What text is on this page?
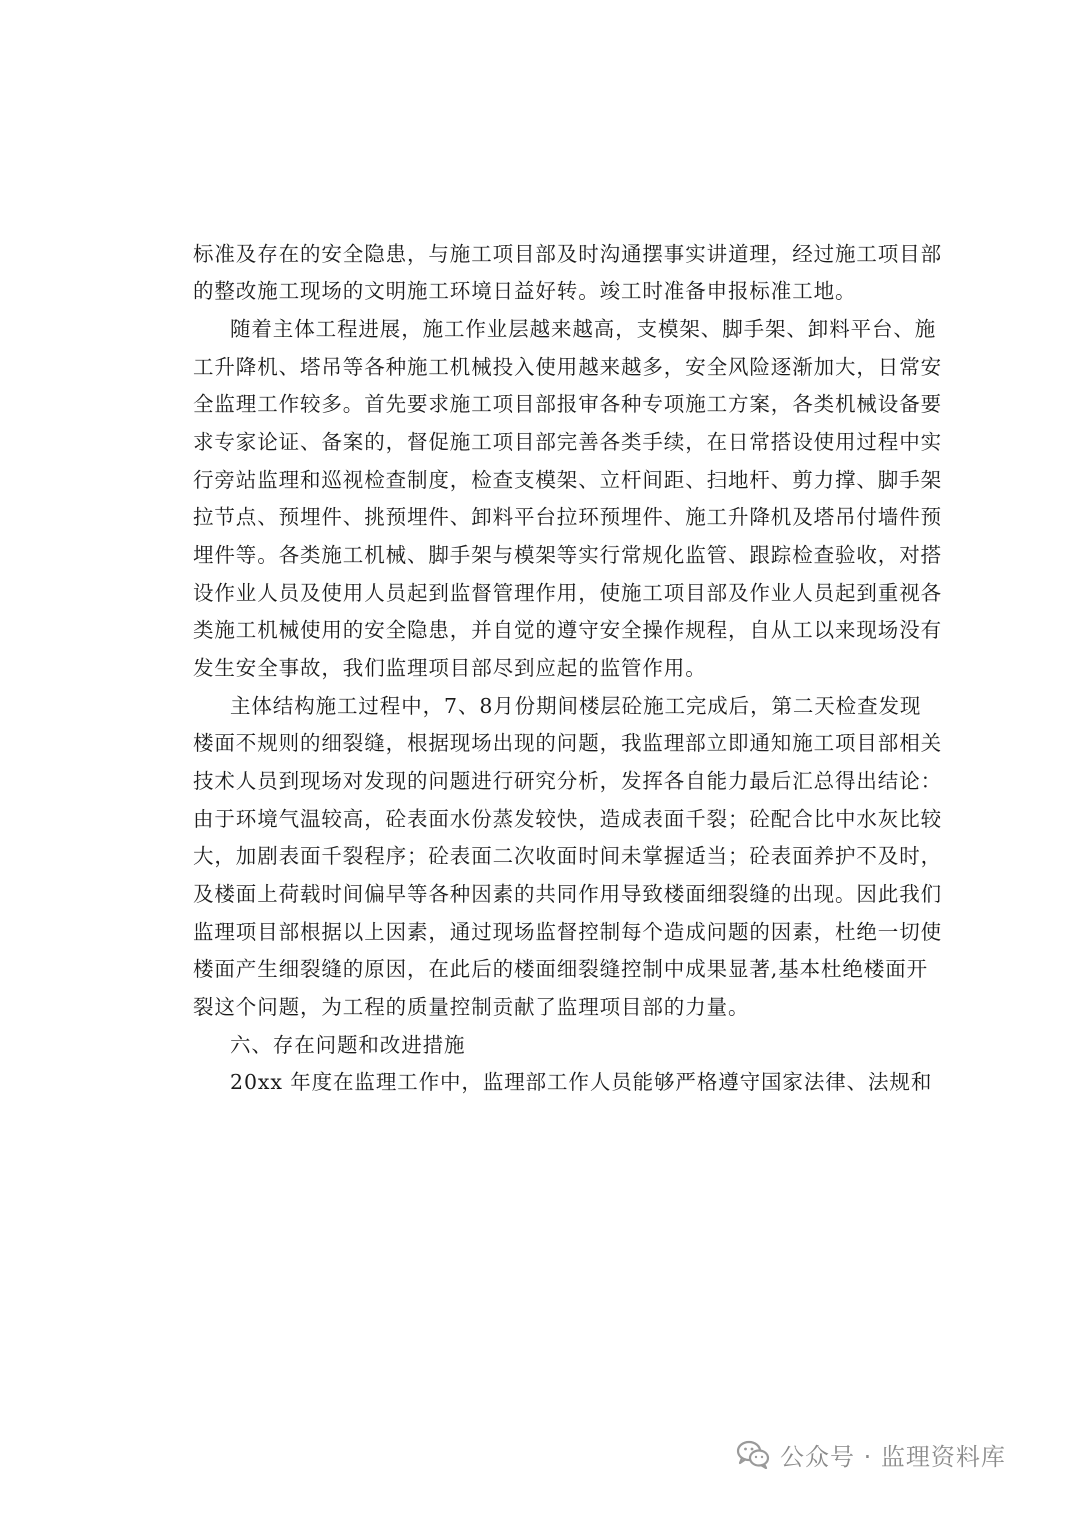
标准及存在的安全隐患，与施工项目部及时沟通摆事实讲道理，经过施工项目部
的整改施工现场的文明施工环境日益好转。竣工时准备申报标准工地。
随着主体工程进展，施工作业层越来越高，支模架、脚手架、卸料平台、施
工升降机、塔吊等各种施工机械投入使用越来越多，安全风险逐渐加大，日常安
全监理工作较多。首先要求施工项目部报审各种专项施工方案，各类机械设备要
求专家论证、备案的，督促施工项目部完善各类手续，在日常搭设使用过程中实
行旁站监理和巡视检查制度，检查支模架、立杆间距、扫地杆、剪力撑、脚手架
拉节点、预埋件、挑预埋件、卸料平台拉环预埋件、施工升降机及塔吊付墙件预
埋件等。各类施工机械、脚手架与模架等实行常规化监管、跟踪检查验收，对搭
设作业人员及使用人员起到监督管理作用，使施工项目部及作业人员起到重视各
类施工机械使用的安全隐患，并自觉的遵守安全操作规程，自从工以来现场没有
发生安全事故，我们监理项目部尽到应起的监管作用。
主体结构施工过程中，7、8月份期间楼层砼施工完成后，第二天检查发现
楼面不规则的细裂缝，根据现场出现的问题，我监理部立即通知施工项目部相关
技术人员到现场对发现的问题进行研究分析，发挥各自能力最后汇总得出结论：
由于环境气温较高，砼表面水份蒸发较快，造成表面千裂；砼配合比中水灰比较
大，加剧表面千裂程序；砼表面二次收面时间未掌握适当；砼表面养护不及时，
及楼面上荷载时间偏早等各种因素的共同作用导致楼面细裂缝的出现。因此我们
监理项目部根据以上因素，通过现场监督控制每个造成问题的因素，杜绝一切使
楼面产生细裂缝的原因，在此后的楼面细裂缝控制中成果显著,基本杜绝楼面开
裂这个问题，为工程的质量控制贡献了监理项目部的力量。
六、存在问题和改进措施
20xx 年度在监理工作中，监理部工作人员能够严格遵守国家法律、法规和
公众号 · 监理资料库
